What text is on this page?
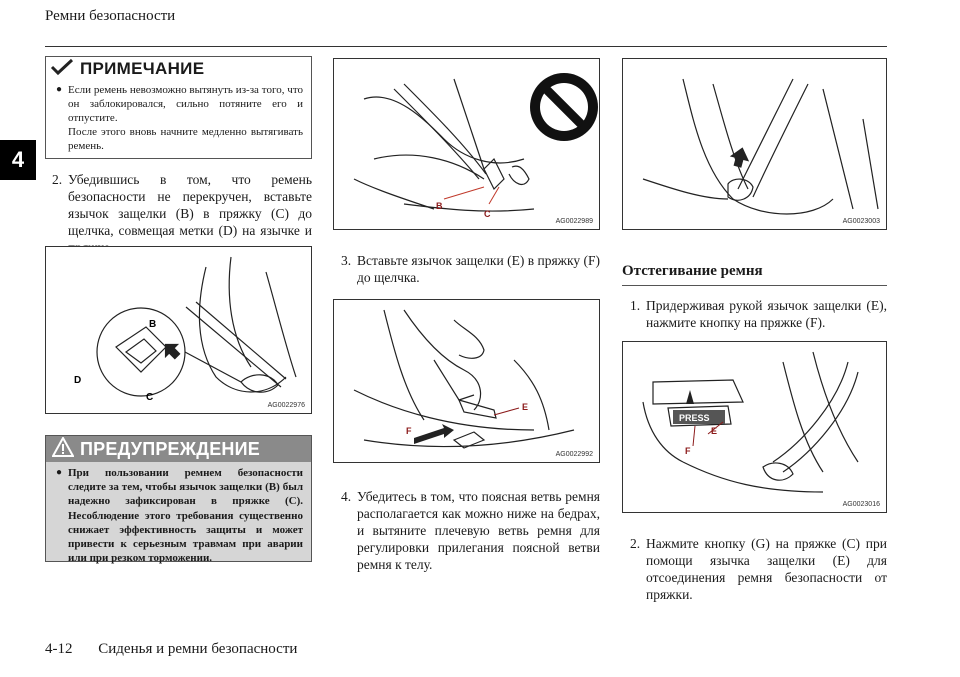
Ремни безопасности
4
ПРИМЕЧАНИЕ
● Если ремень невозможно вытянуть из-за того, что он заблокировался, сильно потяните его и отпустите.
После этого вновь начните медленно вытягивать ремень.
2. Убедившись в том, что ремень безопасности не перекручен, вставьте язычок защелки (B) в пряжку (C) до щелчка, совмещая метки (D) на язычке и
B
C
D
AG0022976
ПРЕДУПРЕЖДЕНИЕ
● При пользовании ремнем безопасности следите за тем, чтобы язычок защелки (B) был надежно зафиксирован в пряжке (C). Несоблюдение этого требования существенно снижает эффективность защиты и может привести к серьезным травмам при аварии или при резком торможении.
B
C
AG0022989
3. Вставьте язычок защелки (E) в пряжку (F) до щелчка.
E
F
AG0022992
4. Убедитесь в том, что поясная ветвь ремня располагается как можно ниже на бедрах, и вытяните плечевую ветвь ремня для регулировки прилегания поясной ветви ремня к телу.
AG0023003
Отстегивание ремня
1. Придерживая рукой язычок защелки (E), нажмите кнопку на пряжке (F).
PRESS
E
F
AG0023016
2. Нажмите кнопку (G) на пряжке (C) при помощи язычка защелки (E) для отсоединения ремня безопасности от пряжки.
4-12 Сиденья и ремни безопасности
